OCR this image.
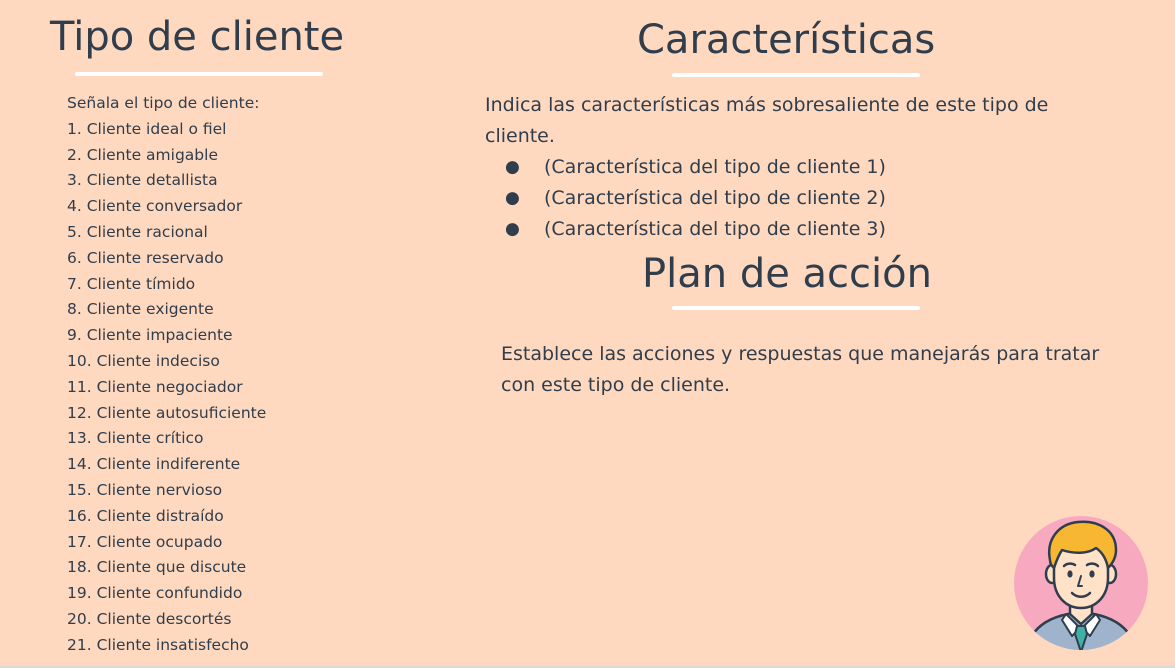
Tipo de cliente
Señala el tipo de cliente:
1. Cliente ideal o fiel
2. Cliente amigable
3. Cliente detallista
4. Cliente conversador
5. Cliente racional
6. Cliente reservado
7. Cliente tímido
8. Cliente exigente
9. Cliente impaciente
10. Cliente indeciso
11. Cliente negociador
12. Cliente autosuficiente
13. Cliente crítico
14. Cliente indiferente
15. Cliente nervioso
16. Cliente distraído
17. Cliente ocupado
18. Cliente que discute
19. Cliente confundido
20. Cliente descortés
21. Cliente insatisfecho
Características

Indica las características más sobresaliente de este tipo de cliente.

● (Característica del tipo de cliente 1)
● (Característica del tipo de cliente 2)
● (Característica del tipo de cliente 3)
Plan de acción

Establece las acciones y respuestas que manejarás para tratar con este tipo de cliente.
